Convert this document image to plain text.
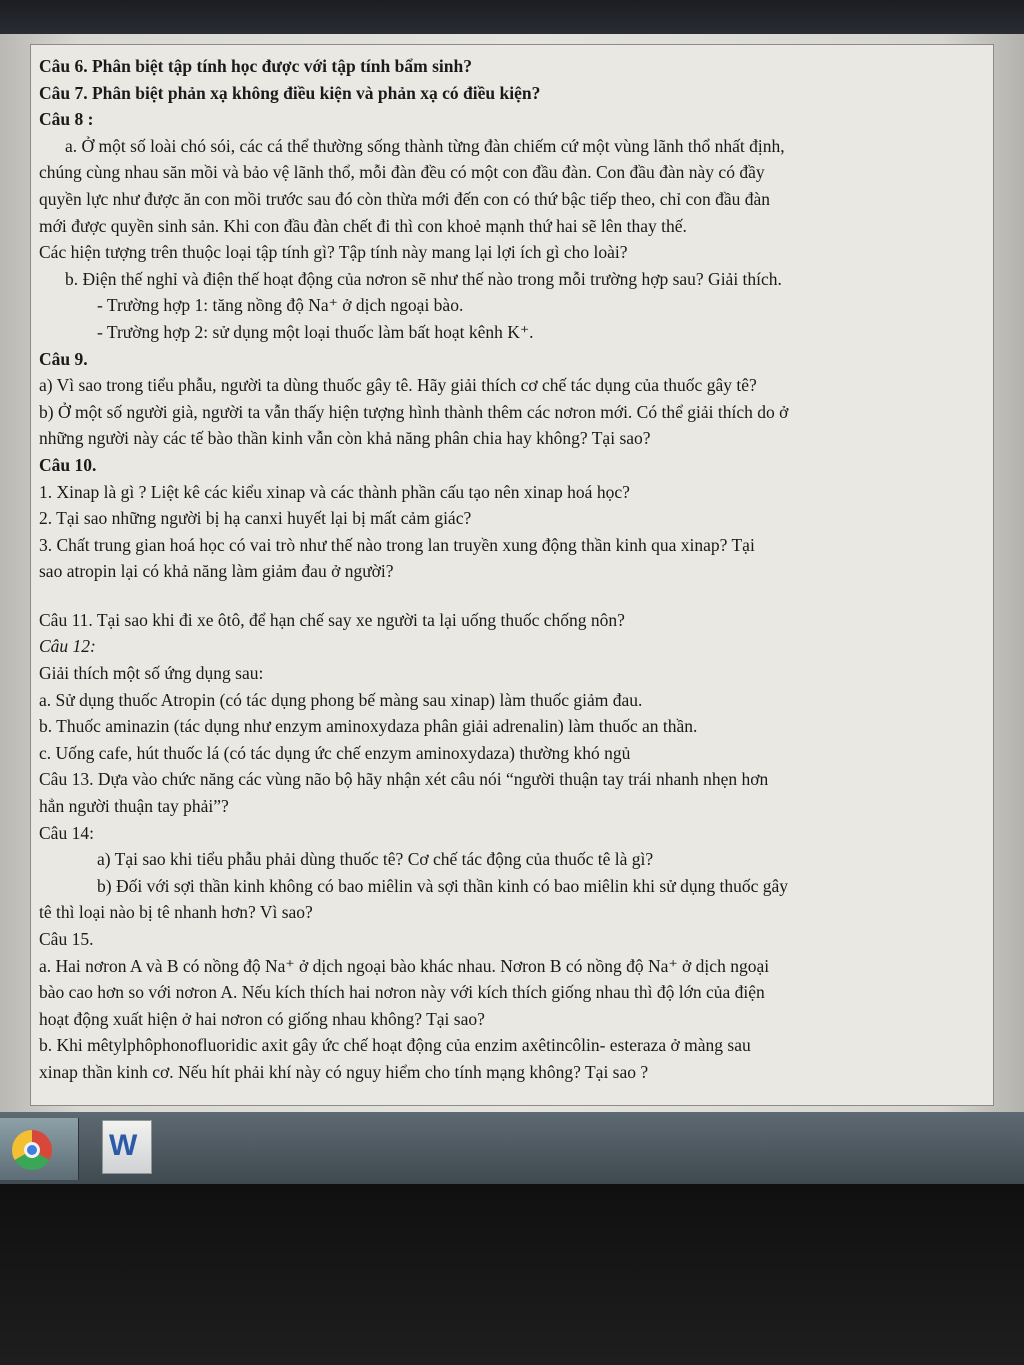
Câu 6. Phân biệt tập tính học được với tập tính bẩm sinh?
Câu 7. Phân biệt phản xạ không điều kiện và phản xạ có điều kiện?
Câu 8 :
a. Ở một số loài chó sói, các cá thể thường sống thành từng đàn chiếm cứ một vùng lãnh thổ nhất định,
chúng cùng nhau săn mồi và bảo vệ lãnh thổ, mỗi đàn đều có một con đầu đàn. Con đầu đàn này có đầy
quyền lực như được ăn con mồi trước sau đó còn thừa mới đến con có thứ bậc tiếp theo, chỉ con đầu đàn
mới được quyền sinh sản. Khi con đầu đàn chết đi thì con khoẻ mạnh thứ hai sẽ lên thay thế.
Các hiện tượng trên thuộc loại tập tính gì? Tập tính này mang lại lợi ích gì cho loài?
b. Điện thế nghỉ và điện thế hoạt động của nơron sẽ như thế nào trong mỗi trường hợp sau? Giải thích.
- Trường hợp 1: tăng nồng độ Na⁺ ở dịch ngoại bào.
- Trường hợp 2: sử dụng một loại thuốc làm bất hoạt kênh K⁺.
Câu 9.
a) Vì sao trong tiểu phẫu, người ta dùng thuốc gây tê. Hãy giải thích cơ chế tác dụng của thuốc gây tê?
b) Ở một số người già, người ta vẫn thấy hiện tượng hình thành thêm các nơron mới. Có thể giải thích do ở
những người này các tế bào thần kinh vẫn còn khả năng phân chia hay không? Tại sao?
Câu 10.
1. Xinap là gì ? Liệt kê các kiểu xinap và các thành phần cấu tạo nên xinap hoá học?
2. Tại sao những người bị hạ canxi huyết lại bị mất cảm giác?
3. Chất trung gian hoá học có vai trò như thế nào trong lan truyền xung động thần kinh qua xinap? Tại
sao atropin lại có khả năng làm giảm đau ở người?
Câu 11. Tại sao khi đi xe ôtô, để hạn chế say xe người ta lại uống thuốc chống nôn?
Câu 12:
Giải thích một số ứng dụng sau:
a. Sử dụng thuốc Atropin (có tác dụng phong bế màng sau xinap) làm thuốc giảm đau.
b. Thuốc aminazin (tác dụng như enzym aminoxydaza phân giải adrenalin) làm thuốc an thần.
c. Uống cafe, hút thuốc lá (có tác dụng ức chế enzym aminoxydaza) thường khó ngủ
Câu 13. Dựa vào chức năng các vùng não bộ hãy nhận xét câu nói “người thuận tay trái nhanh nhẹn hơn
hẳn người thuận tay phải”?
Câu 14:
a) Tại sao khi tiểu phẫu phải dùng thuốc tê? Cơ chế tác động của thuốc tê là gì?
b) Đối với sợi thần kinh không có bao miêlin và sợi thần kinh có bao miêlin khi sử dụng thuốc gây
tê thì loại nào bị tê nhanh hơn? Vì sao?
Câu 15.
a. Hai nơron A và B có nồng độ Na⁺ ở dịch ngoại bào khác nhau. Nơron B có nồng độ Na⁺ ở dịch ngoại
bào cao hơn so với nơron A. Nếu kích thích hai nơron này với kích thích giống nhau thì độ lớn của điện
hoạt động xuất hiện ở hai nơron có giống nhau không? Tại sao?
b. Khi mêtylphôphonofluoridic axit gây ức chế hoạt động của enzim axêtincôlin- esteraza ở màng sau
xinap thần kinh cơ. Nếu hít phải khí này có nguy hiểm cho tính mạng không? Tại sao ?
W
